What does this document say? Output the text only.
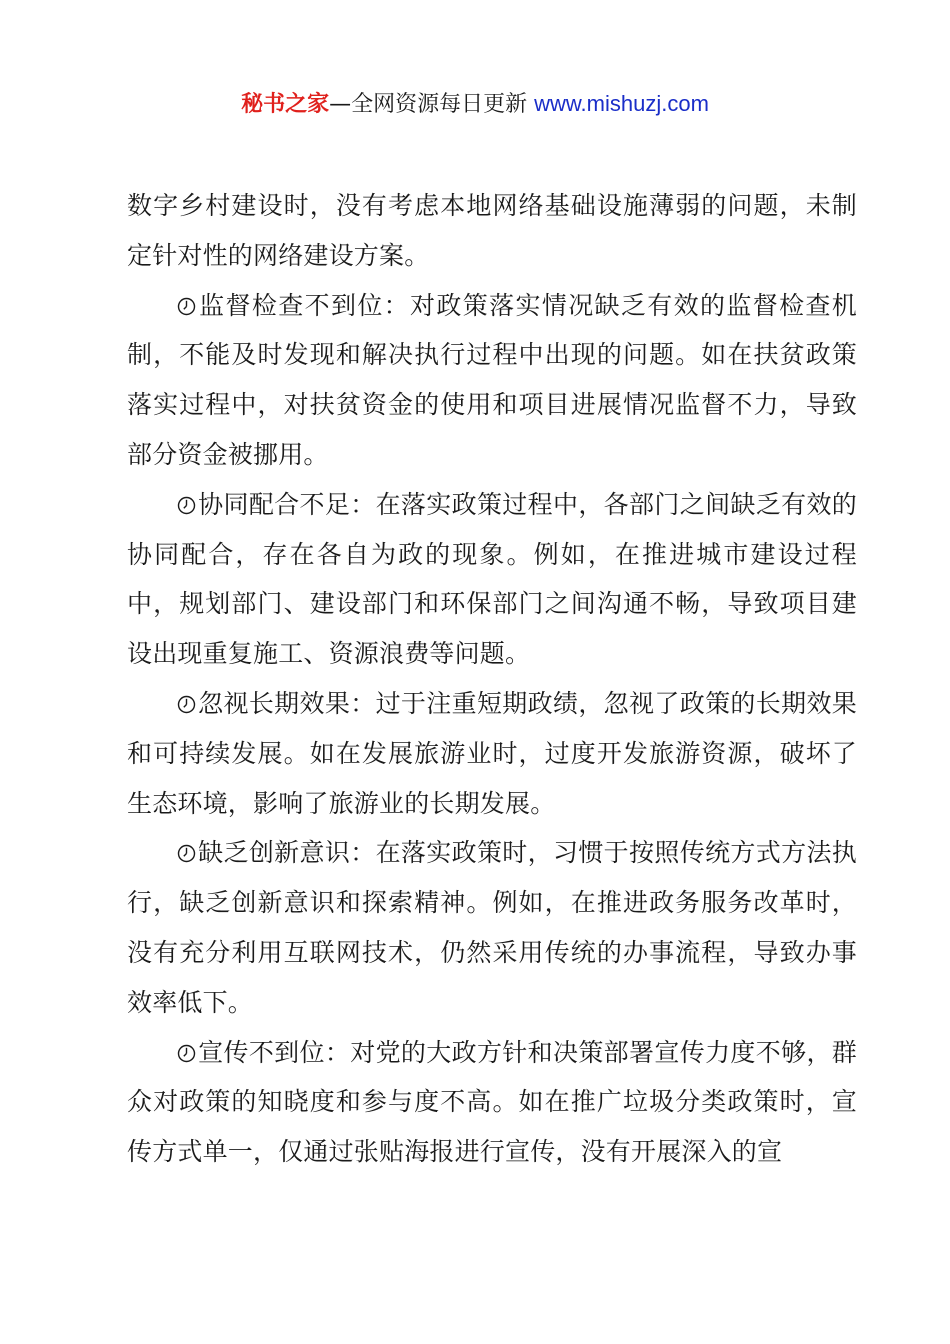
秘书之家—全网资源每日更新 www.mishuzj.com

数字乡村建设时，没有考虑本地网络基础设施薄弱的问题，未制定针对性的网络建设方案。

监督检查不到位：对政策落实情况缺乏有效的监督检查机制，不能及时发现和解决执行过程中出现的问题。如在扶贫政策落实过程中，对扶贫资金的使用和项目进展情况监督不力，导致部分资金被挪用。

协同配合不足：在落实政策过程中，各部门之间缺乏有效的协同配合，存在各自为政的现象。例如，在推进城市建设过程中，规划部门、建设部门和环保部门之间沟通不畅，导致项目建设出现重复施工、资源浪费等问题。

忽视长期效果：过于注重短期政绩，忽视了政策的长期效果和可持续发展。如在发展旅游业时，过度开发旅游资源，破坏了生态环境，影响了旅游业的长期发展。

缺乏创新意识：在落实政策时，习惯于按照传统方式方法执行，缺乏创新意识和探索精神。例如，在推进政务服务改革时，没有充分利用互联网技术，仍然采用传统的办事流程，导致办事效率低下。

宣传不到位：对党的大政方针和决策部署宣传力度不够，群众对政策的知晓度和参与度不高。如在推广垃圾分类政策时，宣传方式单一，仅通过张贴海报进行宣传，没有开展深入的宣
